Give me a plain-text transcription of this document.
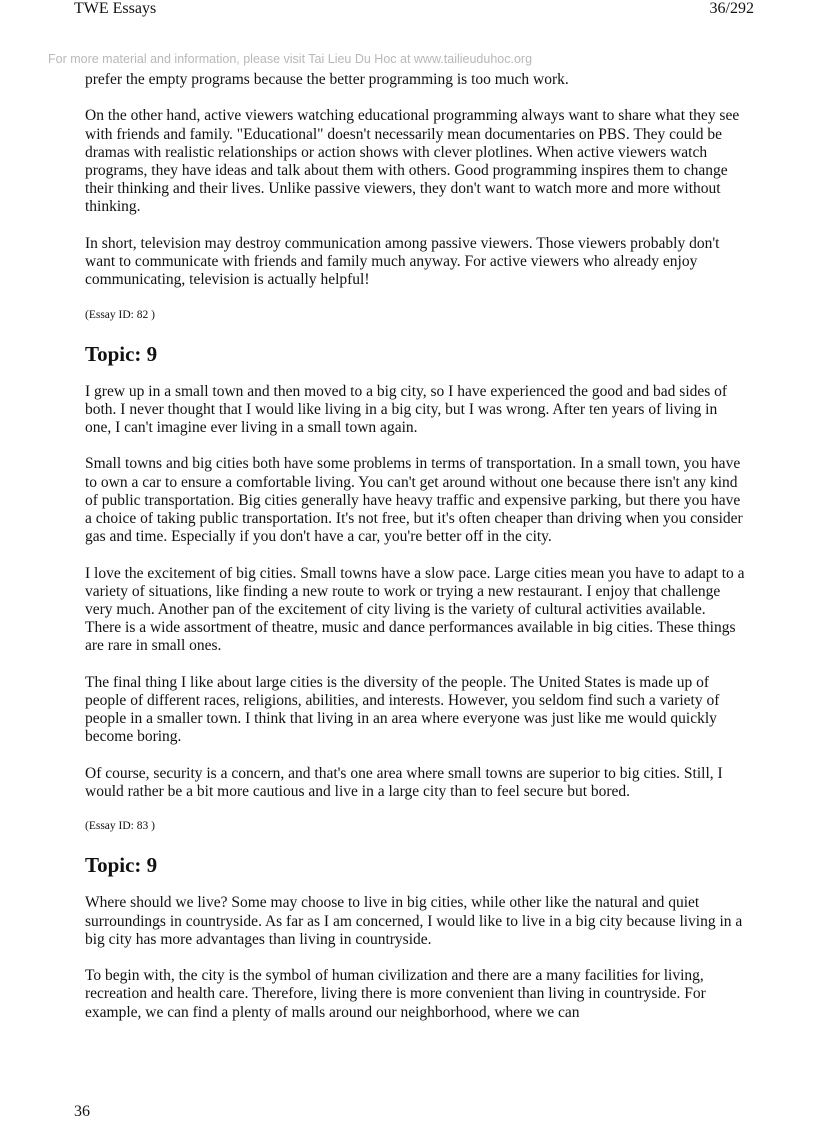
TWE Essays	36/292
For more material and information, please visit Tai Lieu Du Hoc at www.tailieuduhoc.org

prefer the empty programs because the better programming is too much work.

On the other hand, active viewers watching educational programming always want to share what they see with friends and family. "Educational" doesn't necessarily mean documentaries on PBS. They could be dramas with realistic relationships or action shows with clever plotlines. When active viewers watch programs, they have ideas and talk about them with others. Good programming inspires them to change their thinking and their lives. Unlike passive viewers, they don't want to watch more and more without thinking.

In short, television may destroy communication among passive viewers. Those viewers probably don't want to communicate with friends and family much anyway. For active viewers who already enjoy communicating, television is actually helpful!

(Essay ID: 82 )

Topic: 9

I grew up in a small town and then moved to a big city, so I have experienced the good and bad sides of both. I never thought that I would like living in a big city, but I was wrong. After ten years of living in one, I can't imagine ever living in a small town again.

Small towns and big cities both have some problems in terms of transportation. In a small town, you have to own a car to ensure a comfortable living. You can't get around without one because there isn't any kind of public transportation. Big cities generally have heavy traffic and expensive parking, but there you have a choice of taking public transportation. It's not free, but it's often cheaper than driving when you consider gas and time. Especially if you don't have a car, you're better off in the city.

I love the excitement of big cities. Small towns have a slow pace. Large cities mean you have to adapt to a variety of situations, like finding a new route to work or trying a new restaurant. I enjoy that challenge very much. Another pan of the excitement of city living is the variety of cultural activities available. There is a wide assortment of theatre, music and dance performances available in big cities. These things are rare in small ones.

The final thing I like about large cities is the diversity of the people. The United States is made up of people of different races, religions, abilities, and interests. However, you seldom find such a variety of people in a smaller town. I think that living in an area where everyone was just like me would quickly become boring.

Of course, security is a concern, and that's one area where small towns are superior to big cities. Still, I would rather be a bit more cautious and live in a large city than to feel secure but bored.

(Essay ID: 83 )

Topic: 9

Where should we live? Some may choose to live in big cities, while other like the natural and quiet surroundings in countryside. As far as I am concerned, I would like to live in a big city because living in a big city has more advantages than living in countryside.

To begin with, the city is the symbol of human civilization and there are a many facilities for living, recreation and health care. Therefore, living there is more convenient than living in countryside. For example, we can find a plenty of malls around our neighborhood, where we can

36
